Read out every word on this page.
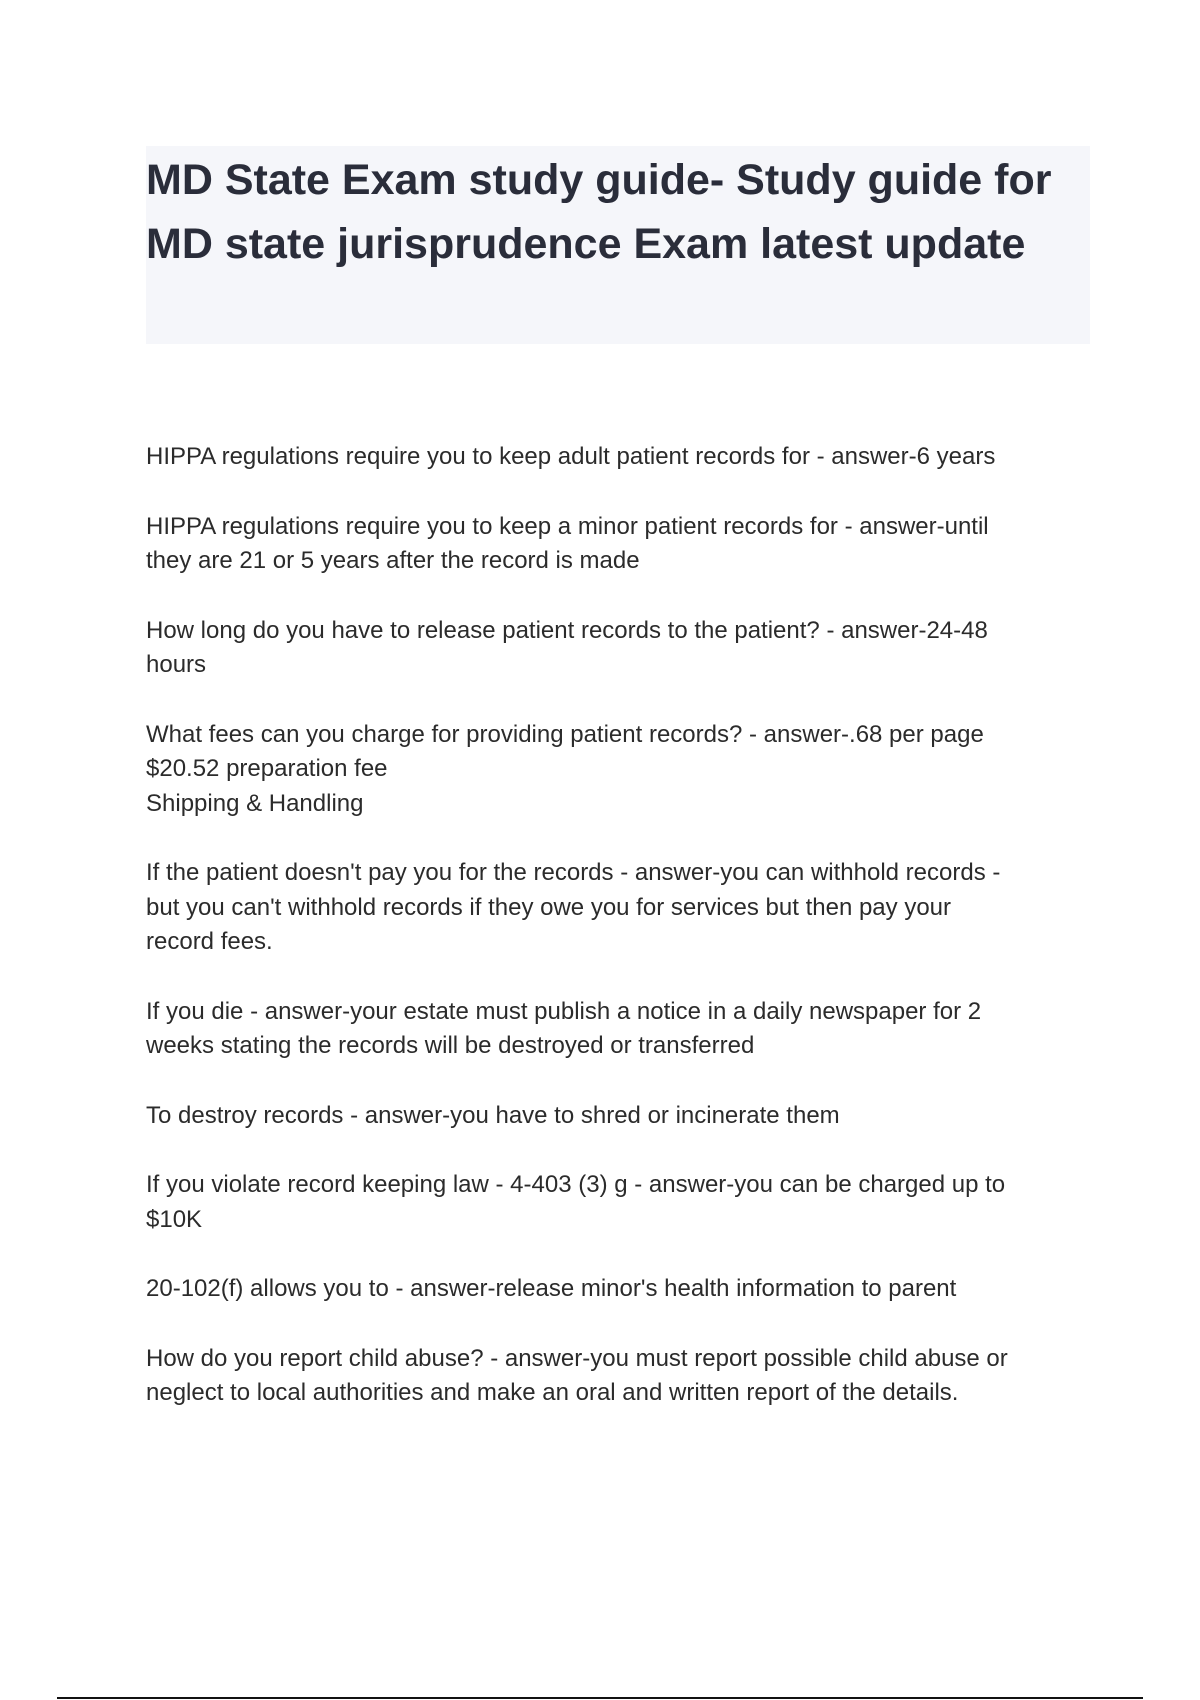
MD State Exam study guide- Study guide for MD state jurisprudence Exam latest update
HIPPA regulations require you to keep adult patient records for - answer-6 years
HIPPA regulations require you to keep a minor patient records for - answer-until
they are 21 or 5 years after the record is made
How long do you have to release patient records to the patient? - answer-24-48
hours
What fees can you charge for providing patient records? - answer-.68 per page
$20.52 preparation fee
Shipping & Handling
If the patient doesn't pay you for the records - answer-you can withhold records -
but you can't withhold records if they owe you for services but then pay your
record fees.
If you die - answer-your estate must publish a notice in a daily newspaper for 2
weeks stating the records will be destroyed or transferred
To destroy records - answer-you have to shred or incinerate them
If you violate record keeping law - 4-403 (3) g - answer-you can be charged up to
$10K
20-102(f) allows you to - answer-release minor's health information to parent
How do you report child abuse? - answer-you must report possible child abuse or
neglect to local authorities and make an oral and written report of the details.
